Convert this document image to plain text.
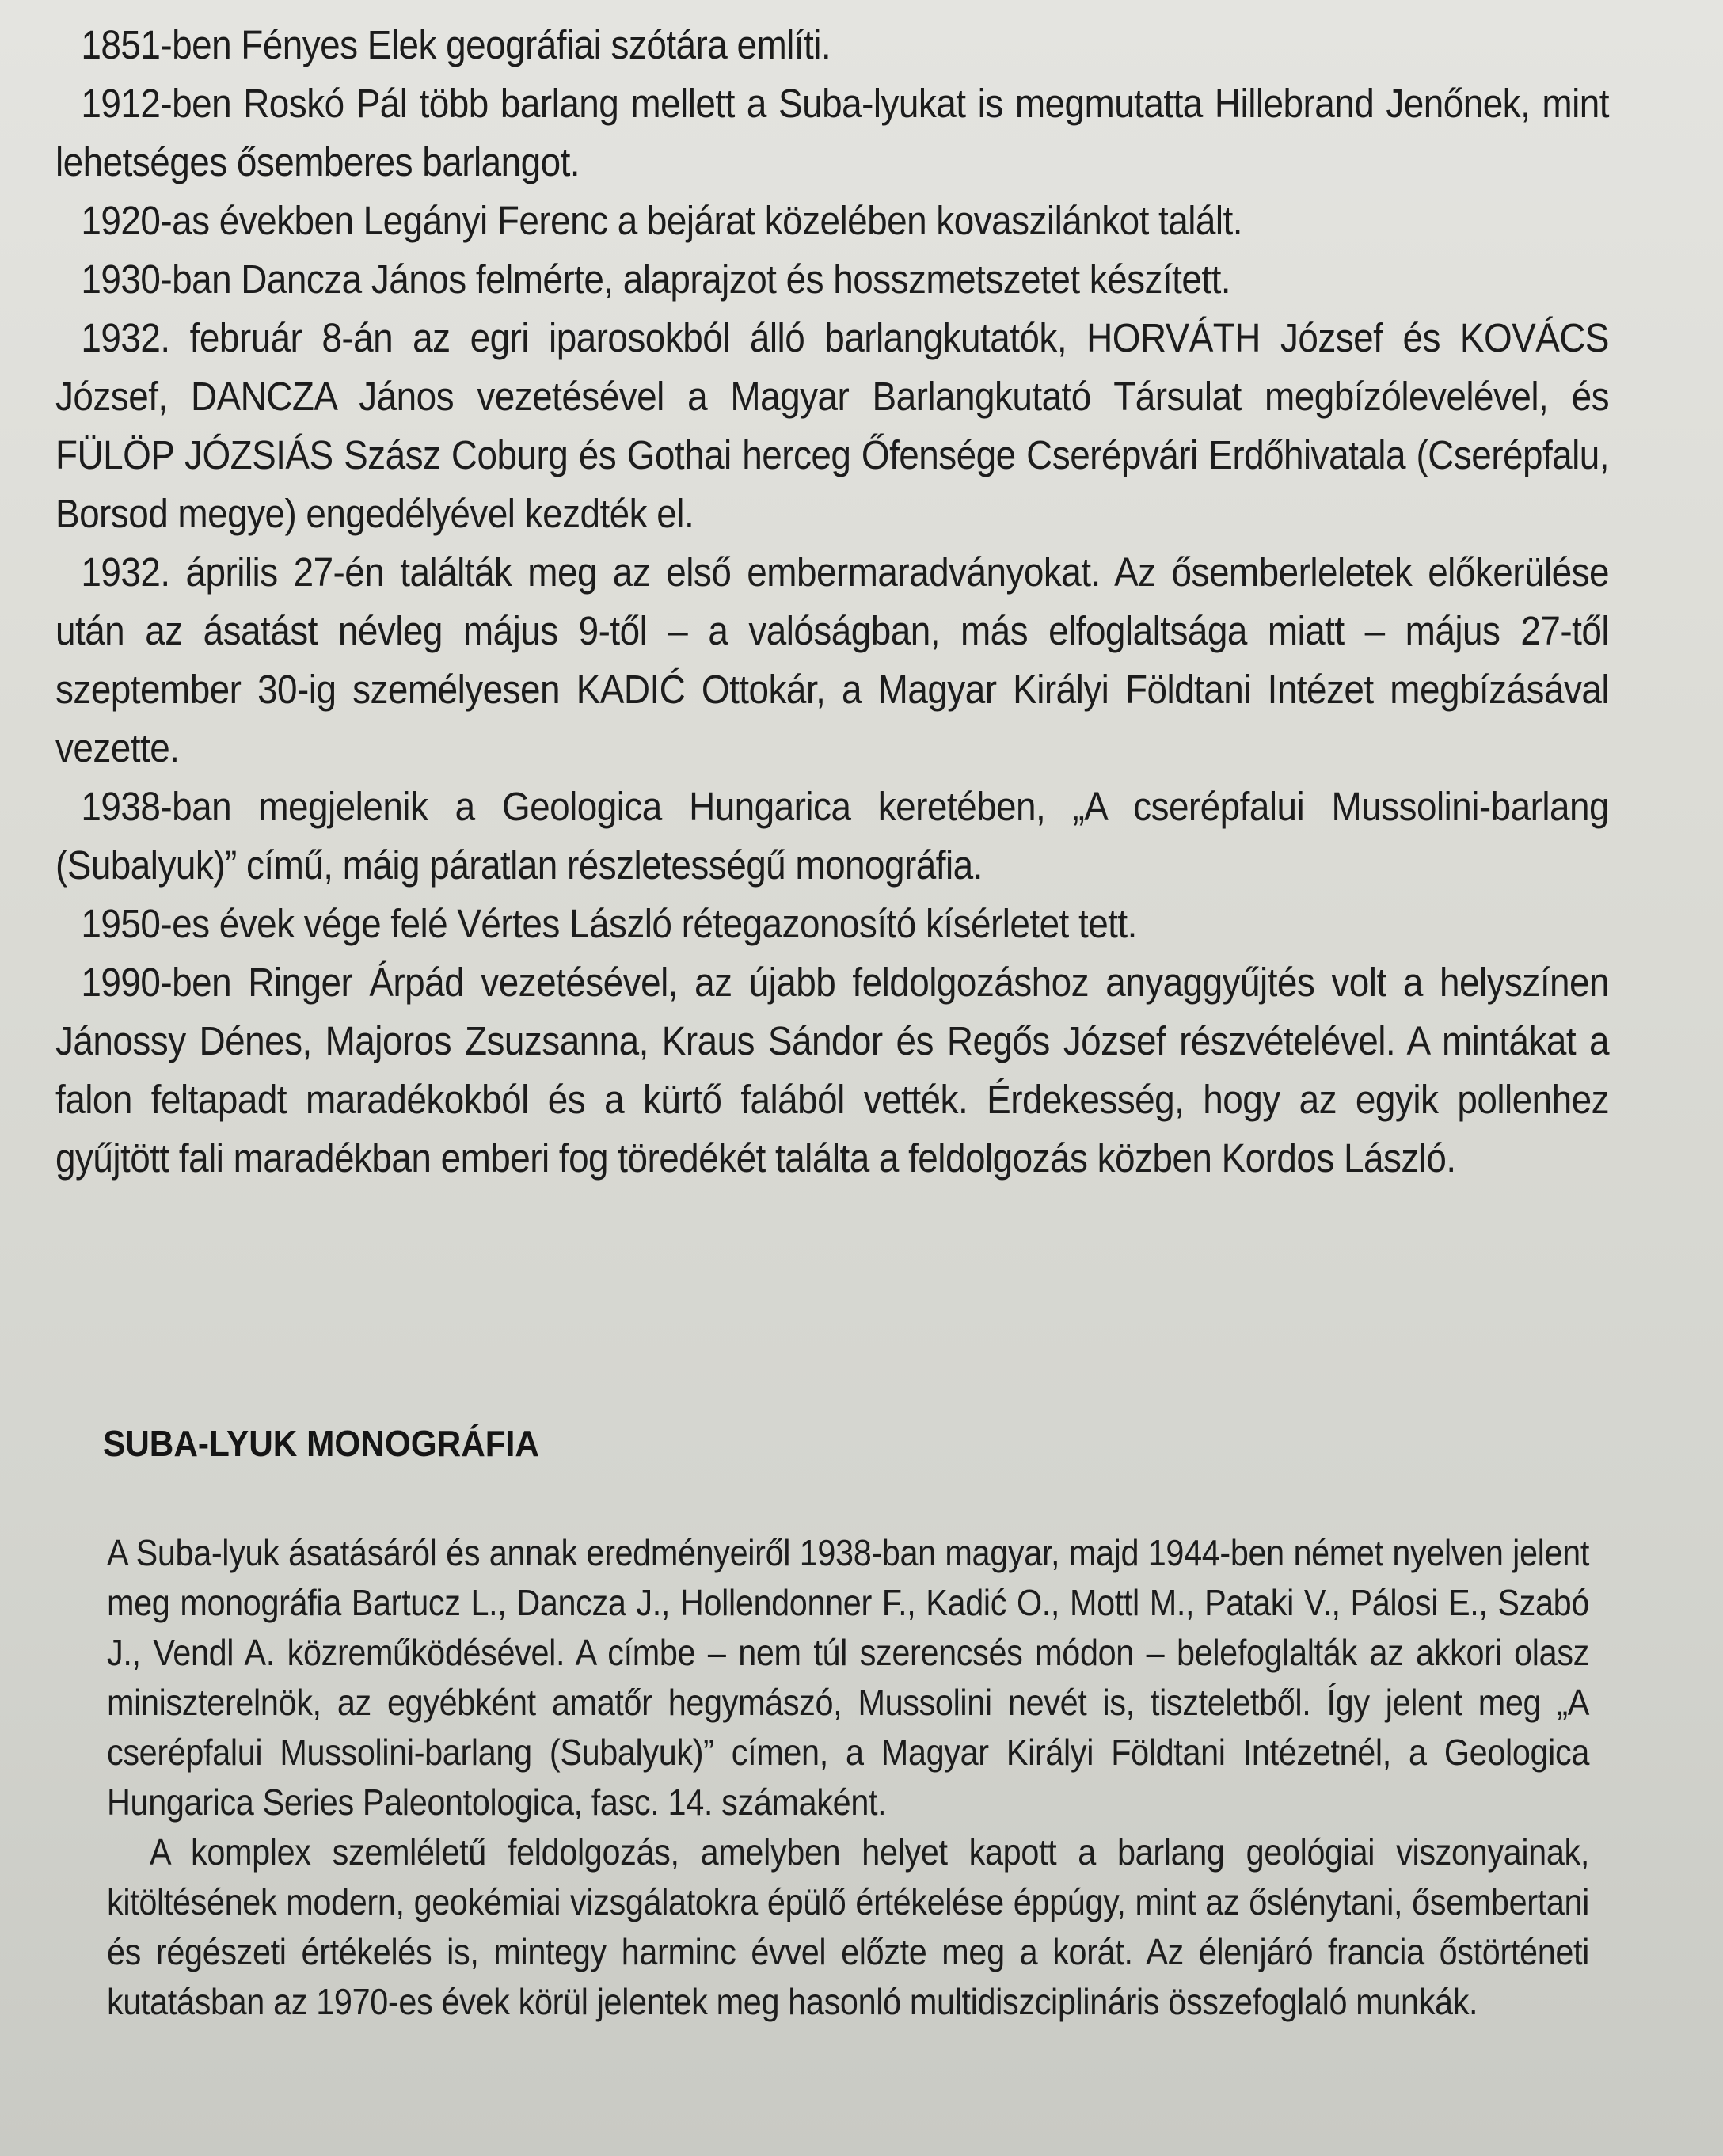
1851-ben Fényes Elek geográfiai szótára említi.

1912-ben Roskó Pál több barlang mellett a Suba-lyukat is megmutatta Hillebrand Jenőnek, mint lehetséges ősemberes barlangot.

1920-as években Legányi Ferenc a bejárat közelében kovaszilánkot talált.

1930-ban Dancza János felmérte, alaprajzot és hosszmetszetet készített.

1932. február 8-án az egri iparosokból álló barlangkutatók, HORVÁTH József és KOVÁCS József, DANCZA János vezetésével a Magyar Barlangkutató Társulat megbízólevelével, és FÜLÖP JÓZSIÁS Szász Coburg és Gothai herceg Őfensége Cserépvári Erdőhivatala (Cserépfalu, Borsod megye) engedélyével kezdték el.

1932. április 27-én találták meg az első embermaradványokat. Az ősemberleletek előkerülése után az ásatást névleg május 9-től – a valóságban, más elfoglaltsága miatt – május 27-től szeptember 30-ig személyesen KADIĆ Ottokár, a Magyar Királyi Földtani Intézet megbízásával vezette.

1938-ban megjelenik a Geologica Hungarica keretében, „A cserépfalui Mussolini-barlang (Subalyuk)” című, máig páratlan részletességű monográfia.

1950-es évek vége felé Vértes László rétegazonosító kísérletet tett.

1990-ben Ringer Árpád vezetésével, az újabb feldolgozáshoz anyaggyűjtés volt a helyszínen Jánossy Dénes, Majoros Zsuzsanna, Kraus Sándor és Regős József részvételével. A mintákat a falon feltapadt maradékokból és a kürtő falából vették. Érdekesség, hogy az egyik pollenhez gyűjtött fali maradékban emberi fog töredékét találta a feldolgozás közben Kordos László.

SUBA-LYUK MONOGRÁFIA

A Suba-lyuk ásatásáról és annak eredményeiről 1938-ban magyar, majd 1944-ben német nyelven jelent meg monográfia Bartucz L., Dancza J., Hollendonner F., Kadić O., Mottl M., Pataki V., Pálosi E., Szabó J., Vendl A. közreműködésével. A címbe – nem túl szerencsés módon – belefoglalták az akkori olasz miniszterelnök, az egyébként amatőr hegymászó, Mussolini nevét is, tiszteletből. Így jelent meg „A cserépfalui Mussolini-barlang (Subalyuk)” címen, a Magyar Királyi Földtani Intézetnél, a Geologica Hungarica Series Paleontologica, fasc. 14. számaként.

A komplex szemléletű feldolgozás, amelyben helyet kapott a barlang geológiai viszonyainak, kitöltésének modern, geokémiai vizsgálatokra épülő értékelése éppúgy, mint az őslénytani, ősembertani és régészeti értékelés is, mintegy harminc évvel előzte meg a korát. Az élenjáró francia őstörténeti kutatásban az 1970-es évek körül jelentek meg hasonló multidiszciplináris összefoglaló munkák.
